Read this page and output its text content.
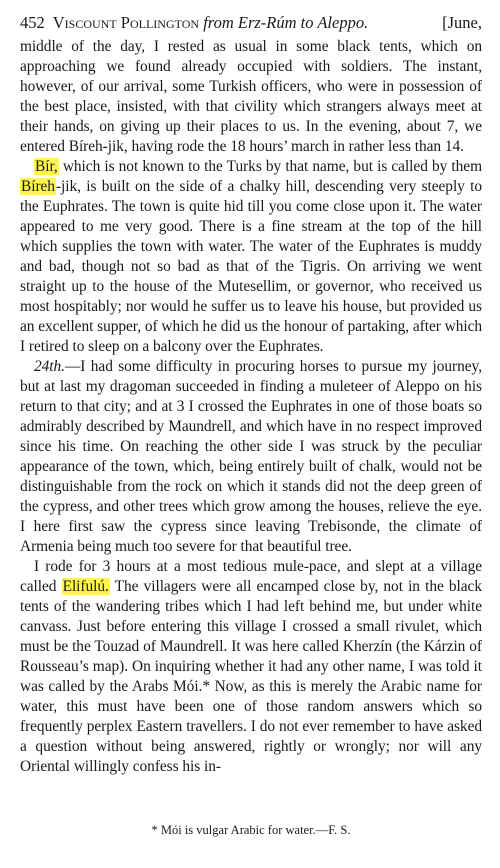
452 Viscount Pollington from Erz-Rúm to Aleppo.	[June,

middle of the day, I rested as usual in some black tents, which on approaching we found already occupied with soldiers. The instant, however, of our arrival, some Turkish officers, who were in possession of the best place, insisted, with that civility which strangers always meet at their hands, on giving up their places to us. In the evening, about 7, we entered Bíreh-jik, having rode the 18 hours’ march in rather less than 14.

Bír, which is not known to the Turks by that name, but is called by them Bíreh-jik, is built on the side of a chalky hill, descending very steeply to the Euphrates. The town is quite hid till you come close upon it. The water appeared to me very good. There is a fine stream at the top of the hill which supplies the town with water. The water of the Euphrates is muddy and bad, though not so bad as that of the Tigris. On arriving we went straight up to the house of the Mutesellim, or governor, who received us most hospitably; nor would he suffer us to leave his house, but provided us an excellent supper, of which he did us the honour of partaking, after which I retired to sleep on a balcony over the Euphrates.

24th.—I had some difficulty in procuring horses to pursue my journey, but at last my dragoman succeeded in finding a muleteer of Aleppo on his return to that city; and at 3 I crossed the Euphrates in one of those boats so admirably described by Maundrell, and which have in no respect improved since his time. On reaching the other side I was struck by the peculiar appearance of the town, which, being entirely built of chalk, would not be distinguishable from the rock on which it stands did not the deep green of the cypress, and other trees which grow among the houses, relieve the eye. I here first saw the cypress since leaving Trebisonde, the climate of Armenia being much too severe for that beautiful tree.

I rode for 3 hours at a most tedious mule-pace, and slept at a village called Elifulú. The villagers were all encamped close by, not in the black tents of the wandering tribes which I had left behind me, but under white canvass. Just before entering this village I crossed a small rivulet, which must be the Touzad of Maundrell. It was here called Kherzín (the Kárzin of Rousseau’s map). On inquiring whether it had any other name, I was told it was called by the Arabs Mói.* Now, as this is merely the Arabic name for water, this must have been one of those random answers which so frequently perplex Eastern travellers. I do not ever remember to have asked a question without being answered, rightly or wrongly; nor will any Oriental willingly confess his in-

* Mói is vulgar Arabic for water.—F. S.
